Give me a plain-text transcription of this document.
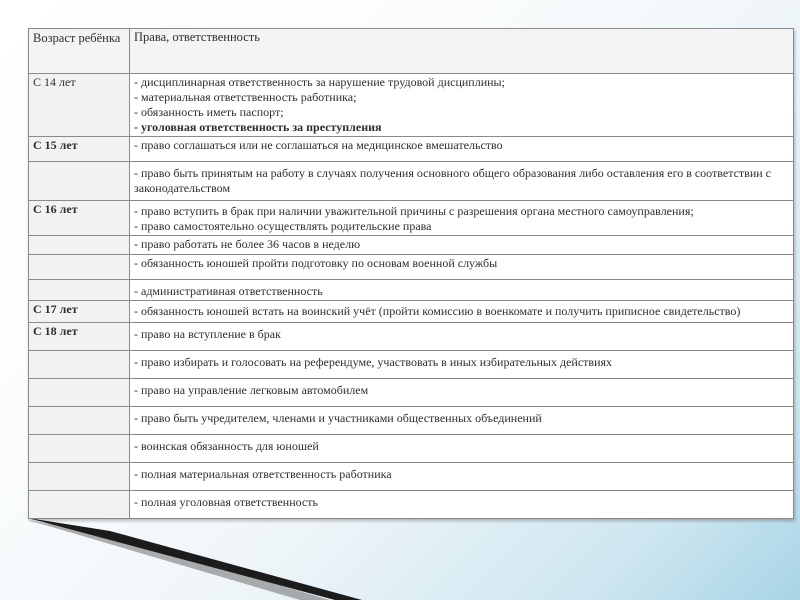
Возраст ребёнка	Права, ответственность
С 14 лет	- дисциплинарная ответственность за нарушение трудовой дисциплины;
- материальная ответственность работника;
- обязанность иметь паспорт;
- уголовная ответственность за преступления

С 15 лет	- право соглашаться или не соглашаться на медицинское вмешательство

	- право быть принятым на работу в случаях получения основного общего образования либо оставления его в соответствии с законодательством

С 16 лет	- право вступить в брак при наличии уважительной причины с разрешения органа местного самоуправления;
- право самостоятельно осуществлять родительские права

	- право работать не более 36 часов в неделю

	- обязанность юношей пройти подготовку по основам военной службы

	- административная ответственность

С 17 лет	- обязанность юношей встать на воинский учёт (пройти комиссию в военкомате и получить приписное свидетельство)

С 18 лет	- право на вступление в брак

	- право избирать и голосовать на референдуме, участвовать в иных избирательных действиях

	- право на управление легковым автомобилем

	- право быть учредителем, членами и участниками общественных объединений

	- воинская обязанность для юношей

	- полная материальная ответственность работника

	- полная уголовная ответственность
